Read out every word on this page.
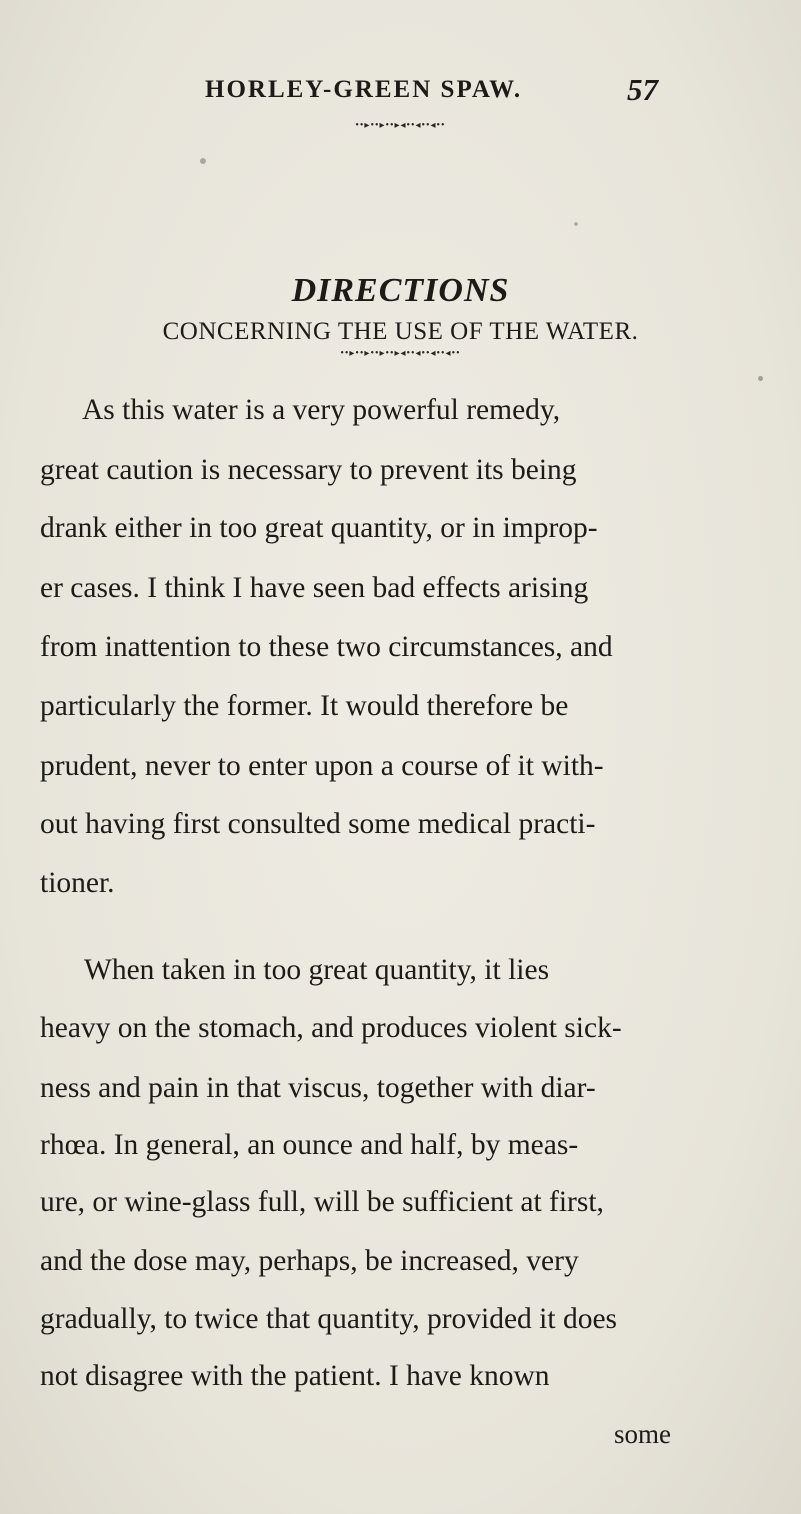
HORLEY-GREEN SPAW.	57
••▸••▸••▸◂••◂••◂••
DIRECTIONS
CONCERNING THE USE OF THE WATER.
••▸••▸••▸••▸◂••◂••◂••◂••
As this water is a very powerful remedy,
great caution is necessary to prevent its being
drank either in too great quantity, or in improp-
er cases. I think I have seen bad effects arising
from inattention to these two circumstances, and
particularly the former. It would therefore be
prudent, never to enter upon a course of it with-
out having first consulted some medical practi-
tioner.
When taken in too great quantity, it lies
heavy on the stomach, and produces violent sick-
ness and pain in that viscus, together with diar-
rhœa. In general, an ounce and half, by meas-
ure, or wine-glass full, will be sufficient at first,
and the dose may, perhaps, be increased, very
gradually, to twice that quantity, provided it does
not disagree with the patient. I have known
some
